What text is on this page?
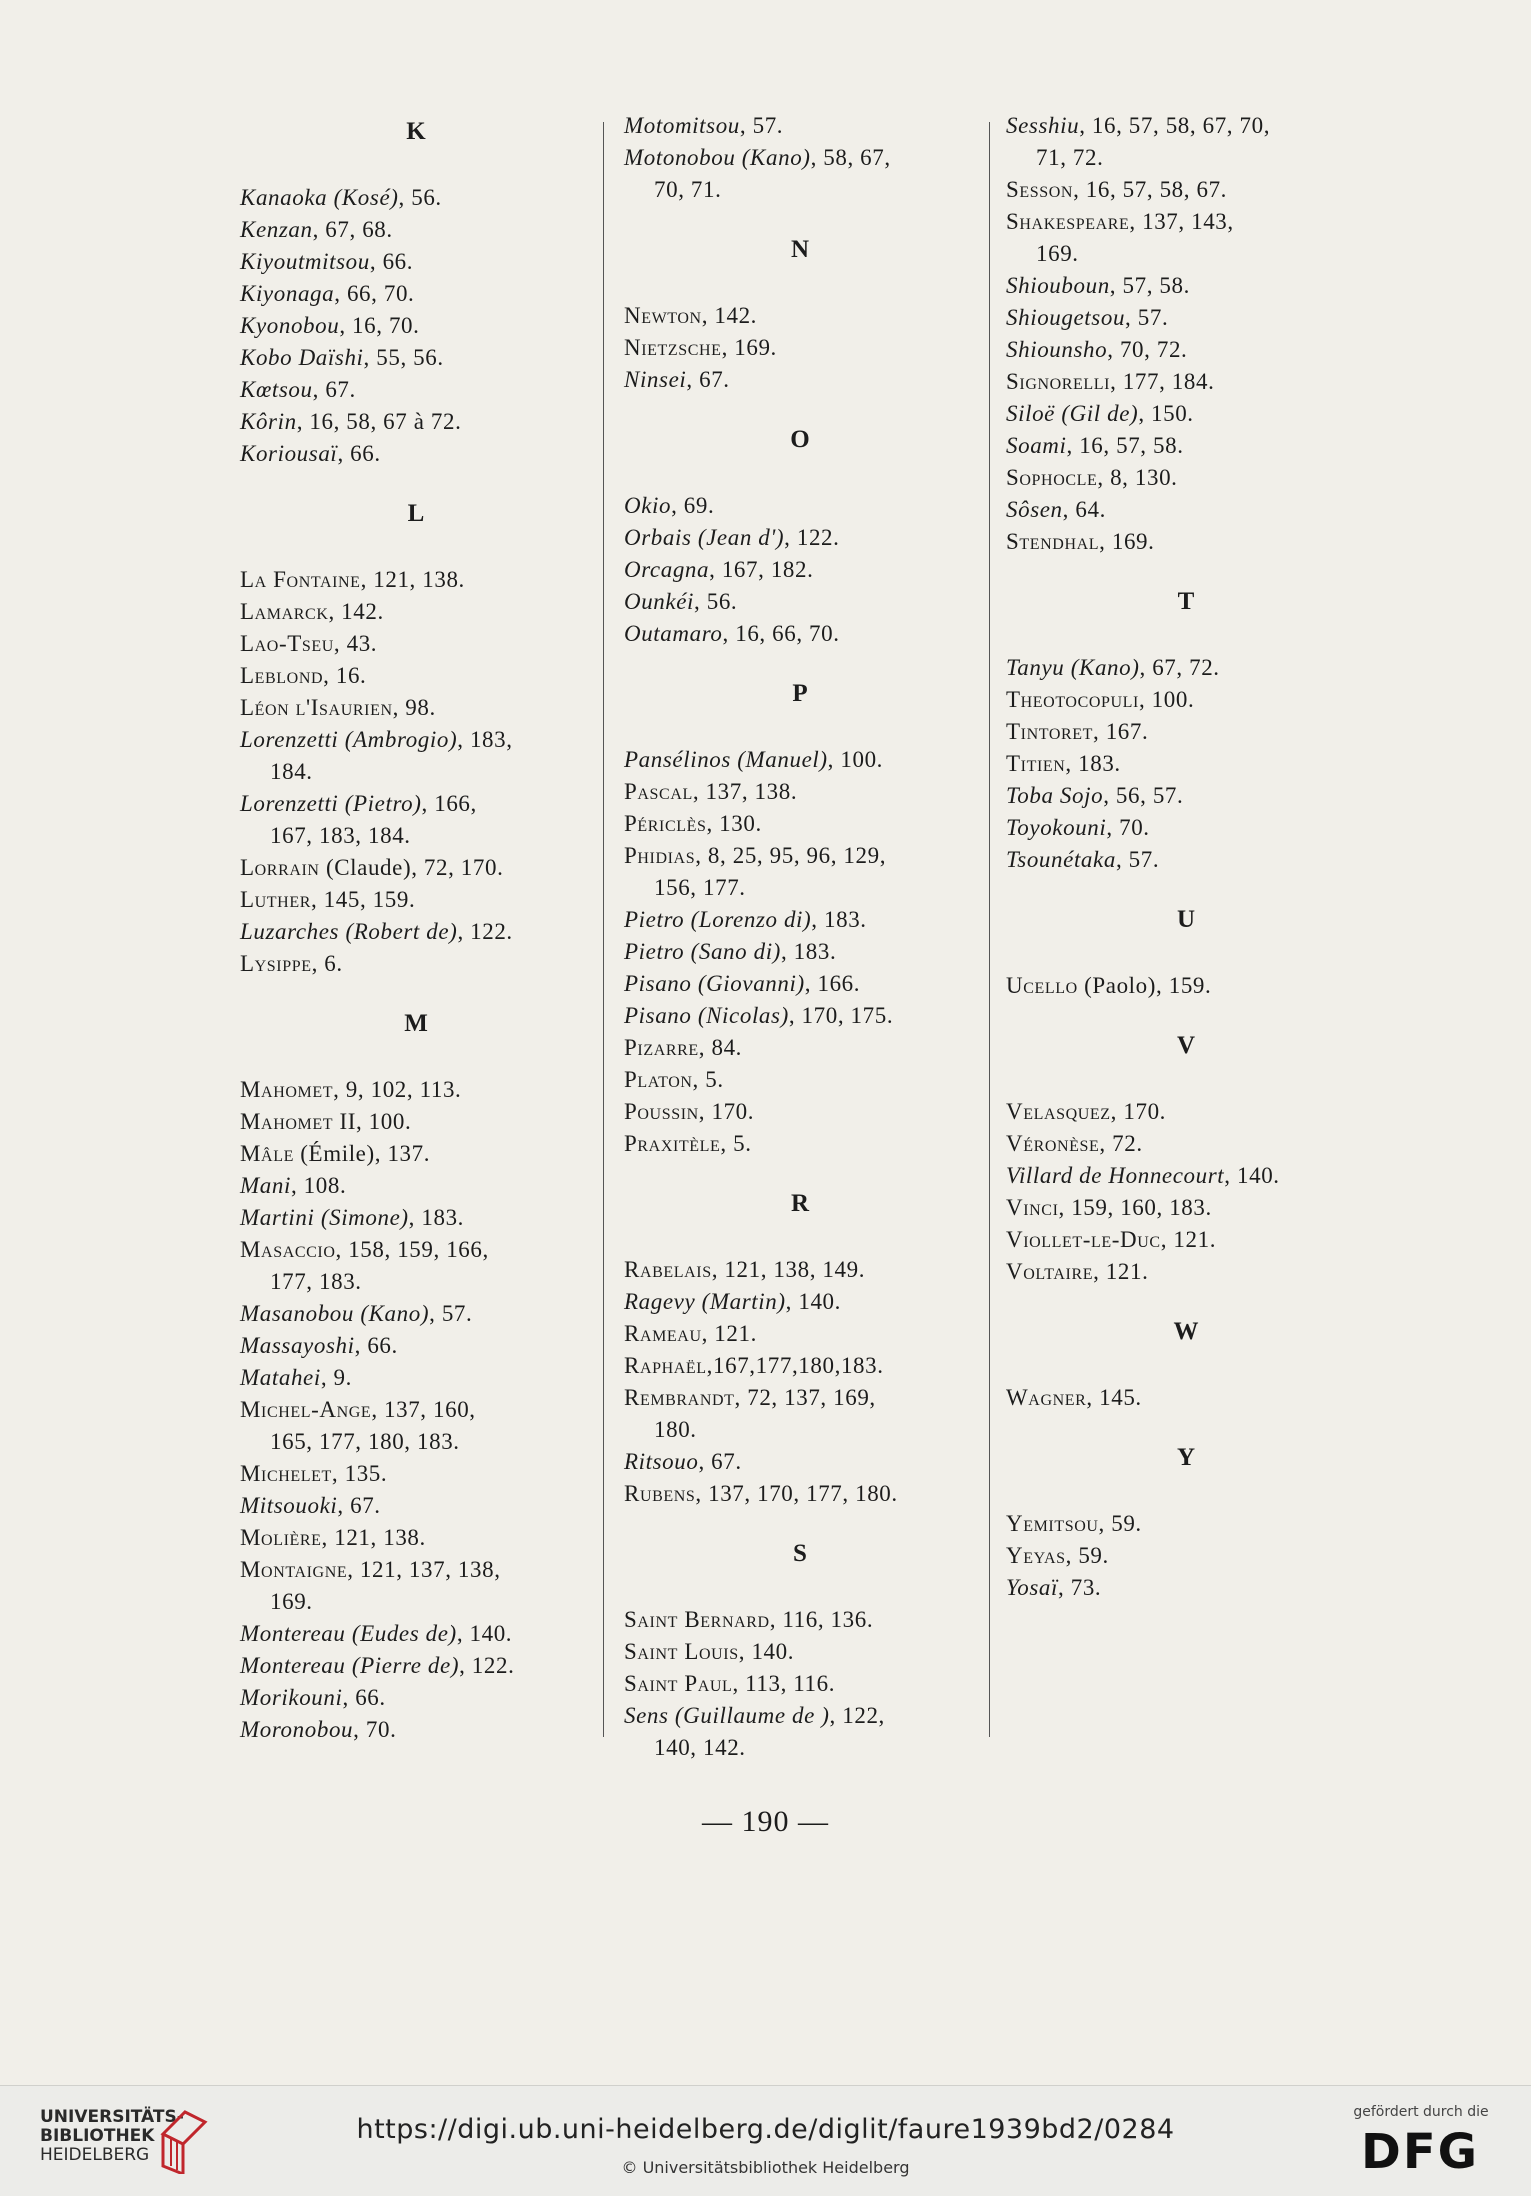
K
Kanaoka (Kosé), 56.
Kenzan, 67, 68.
Kiyoutmitsou, 66.
Kiyonaga, 66, 70.
Kyonobou, 16, 70.
Kobo Daïshi, 55, 56.
Kœtsou, 67.
Kôrin, 16, 58, 67 à 72.
Koriousaï, 66.
L
La Fontaine, 121, 138.
Lamarck, 142.
Lao-Tseu, 43.
Leblond, 16.
Léon l'Isaurien, 98.
Lorenzetti (Ambrogio), 183,
184.
Lorenzetti (Pietro), 166,
167, 183, 184.
Lorrain (Claude), 72, 170.
Luther, 145, 159.
Luzarches (Robert de), 122.
Lysippe, 6.
M
Mahomet, 9, 102, 113.
Mahomet II, 100.
Mâle (Émile), 137.
Mani, 108.
Martini (Simone), 183.
Masaccio, 158, 159, 166,
177, 183.
Masanobou (Kano), 57.
Massayoshi, 66.
Matahei, 9.
Michel-Ange, 137, 160,
165, 177, 180, 183.
Michelet, 135.
Mitsouoki, 67.
Molière, 121, 138.
Montaigne, 121, 137, 138,
169.
Montereau (Eudes de), 140.
Montereau (Pierre de), 122.
Morikouni, 66.
Moronobou, 70.
Motomitsou, 57.
Motonobou (Kano), 58, 67,
70, 71.
N
Newton, 142.
Nietzsche, 169.
Ninsei, 67.
O
Okio, 69.
Orbais (Jean d'), 122.
Orcagna, 167, 182.
Ounkéi, 56.
Outamaro, 16, 66, 70.
P
Pansélinos (Manuel), 100.
Pascal, 137, 138.
Périclès, 130.
Phidias, 8, 25, 95, 96, 129,
156, 177.
Pietro (Lorenzo di), 183.
Pietro (Sano di), 183.
Pisano (Giovanni), 166.
Pisano (Nicolas), 170, 175.
Pizarre, 84.
Platon, 5.
Poussin, 170.
Praxitèle, 5.
R
Rabelais, 121, 138, 149.
Ragevy (Martin), 140.
Rameau, 121.
Raphaël,167,177,180,183.
Rembrandt, 72, 137, 169,
180.
Ritsouo, 67.
Rubens, 137, 170, 177, 180.
S
Saint Bernard, 116, 136.
Saint Louis, 140.
Saint Paul, 113, 116.
Sens (Guillaume de ), 122,
140, 142.
Sesshiu, 16, 57, 58, 67, 70,
71, 72.
Sesson, 16, 57, 58, 67.
Shakespeare, 137, 143,
169.
Shiouboun, 57, 58.
Shiougetsou, 57.
Shiounsho, 70, 72.
Signorelli, 177, 184.
Siloë (Gil de), 150.
Soami, 16, 57, 58.
Sophocle, 8, 130.
Sôsen, 64.
Stendhal, 169.
T
Tanyu (Kano), 67, 72.
Theotocopuli, 100.
Tintoret, 167.
Titien, 183.
Toba Sojo, 56, 57.
Toyokouni, 70.
Tsounétaka, 57.
U
Ucello (Paolo), 159.
V
Velasquez, 170.
Véronèse, 72.
Villard de Honnecourt, 140.
Vinci, 159, 160, 183.
Viollet-le-Duc, 121.
Voltaire, 121.
W
Wagner, 145.
Y
Yemitsou, 59.
Yeyas, 59.
Yosaï, 73.
— 190 —
UNIVERSITÄTS-
BIBLIOTHEK
HEIDELBERG
https://digi.ub.uni-heidelberg.de/diglit/faure1939bd2/0284
© Universitätsbibliothek Heidelberg
gefördert durch die
DFG
